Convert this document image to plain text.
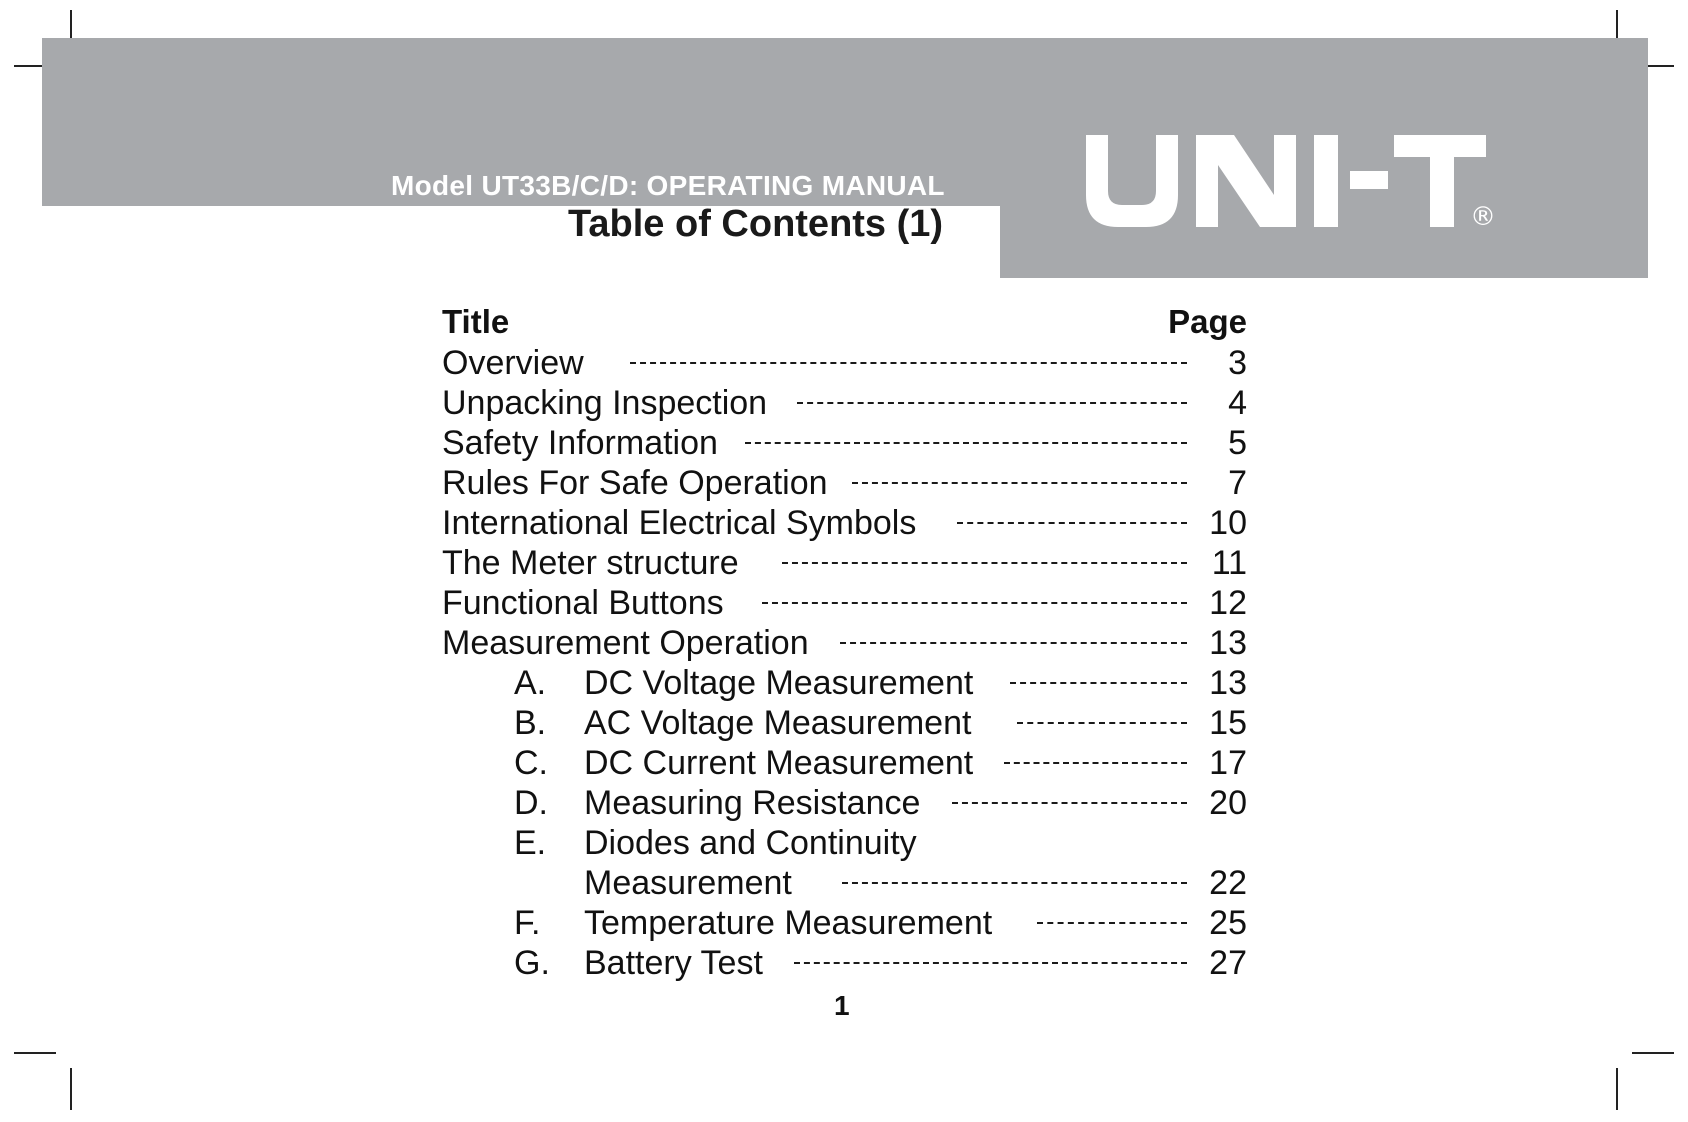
Model UT33B/C/D: OPERATING MANUAL
Table of Contents (1)	®
Title	Page
Overview	3
Unpacking Inspection	4
Safety Information	5
Rules For Safe Operation	7
International Electrical Symbols	10
The Meter structure	11
Functional Buttons	12
Measurement Operation	13
A. DC Voltage Measurement	13
B. AC Voltage Measurement	15
C. DC Current Measurement	17
D. Measuring Resistance	20
E. Diodes and Continuity
Measurement	22
F. Temperature Measurement	25
G. Battery Test	27
1
